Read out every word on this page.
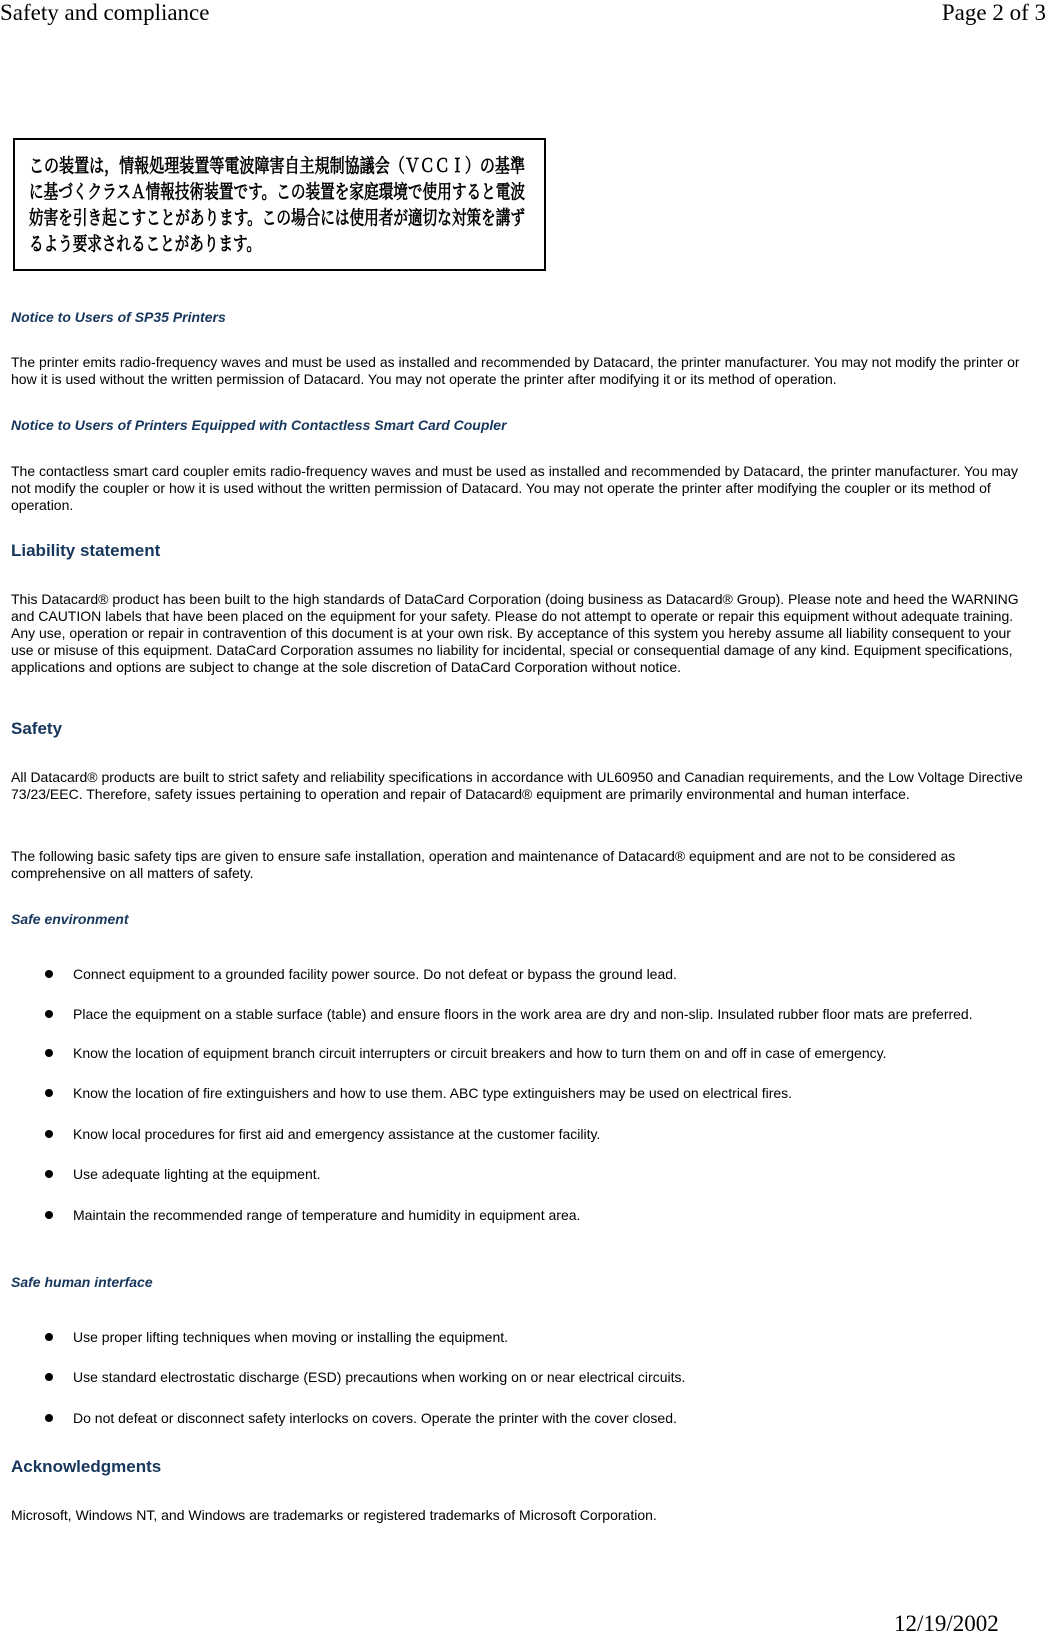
Safety and compliance	Page 2 of 3
この装置は，情報処理装置等電波障害自主規制協議会（ＶＣＣＩ）の基準
に基づくクラスＡ情報技術装置です。この装置を家庭環境で使用すると電波
妨害を引き起こすことがあります。この場合には使用者が適切な対策を講ず
るよう要求されることがあります。
Notice to Users of SP35 Printers

The printer emits radio-frequency waves and must be used as installed and recommended by Datacard, the printer manufacturer. You may not modify the printer or how it is used without the written permission of Datacard. You may not operate the printer after modifying it or its method of operation.

Notice to Users of Printers Equipped with Contactless Smart Card Coupler

The contactless smart card coupler emits radio-frequency waves and must be used as installed and recommended by Datacard, the printer manufacturer. You may not modify the coupler or how it is used without the written permission of Datacard. You may not operate the printer after modifying the coupler or its method of operation.

Liability statement

This Datacard® product has been built to the high standards of DataCard Corporation (doing business as Datacard® Group). Please note and heed the WARNING and CAUTION labels that have been placed on the equipment for your safety. Please do not attempt to operate or repair this equipment without adequate training. Any use, operation or repair in contravention of this document is at your own risk. By acceptance of this system you hereby assume all liability consequent to your use or misuse of this equipment. DataCard Corporation assumes no liability for incidental, special or consequential damage of any kind. Equipment specifications, applications and options are subject to change at the sole discretion of DataCard Corporation without notice.

Safety

All Datacard® products are built to strict safety and reliability specifications in accordance with UL60950 and Canadian requirements, and the Low Voltage Directive 73/23/EEC. Therefore, safety issues pertaining to operation and repair of Datacard® equipment are primarily environmental and human interface.

The following basic safety tips are given to ensure safe installation, operation and maintenance of Datacard® equipment and are not to be considered as comprehensive on all matters of safety.

Safe environment
Connect equipment to a grounded facility power source. Do not defeat or bypass the ground lead.
Place the equipment on a stable surface (table) and ensure floors in the work area are dry and non-slip. Insulated rubber floor mats are preferred.
Know the location of equipment branch circuit interrupters or circuit breakers and how to turn them on and off in case of emergency.
Know the location of fire extinguishers and how to use them. ABC type extinguishers may be used on electrical fires.
Know local procedures for first aid and emergency assistance at the customer facility.
Use adequate lighting at the equipment.
Maintain the recommended range of temperature and humidity in equipment area.
Safe human interface
Use proper lifting techniques when moving or installing the equipment.
Use standard electrostatic discharge (ESD) precautions when working on or near electrical circuits.
Do not defeat or disconnect safety interlocks on covers. Operate the printer with the cover closed.
Acknowledgments

Microsoft, Windows NT, and Windows are trademarks or registered trademarks of Microsoft Corporation.

12/19/2002
